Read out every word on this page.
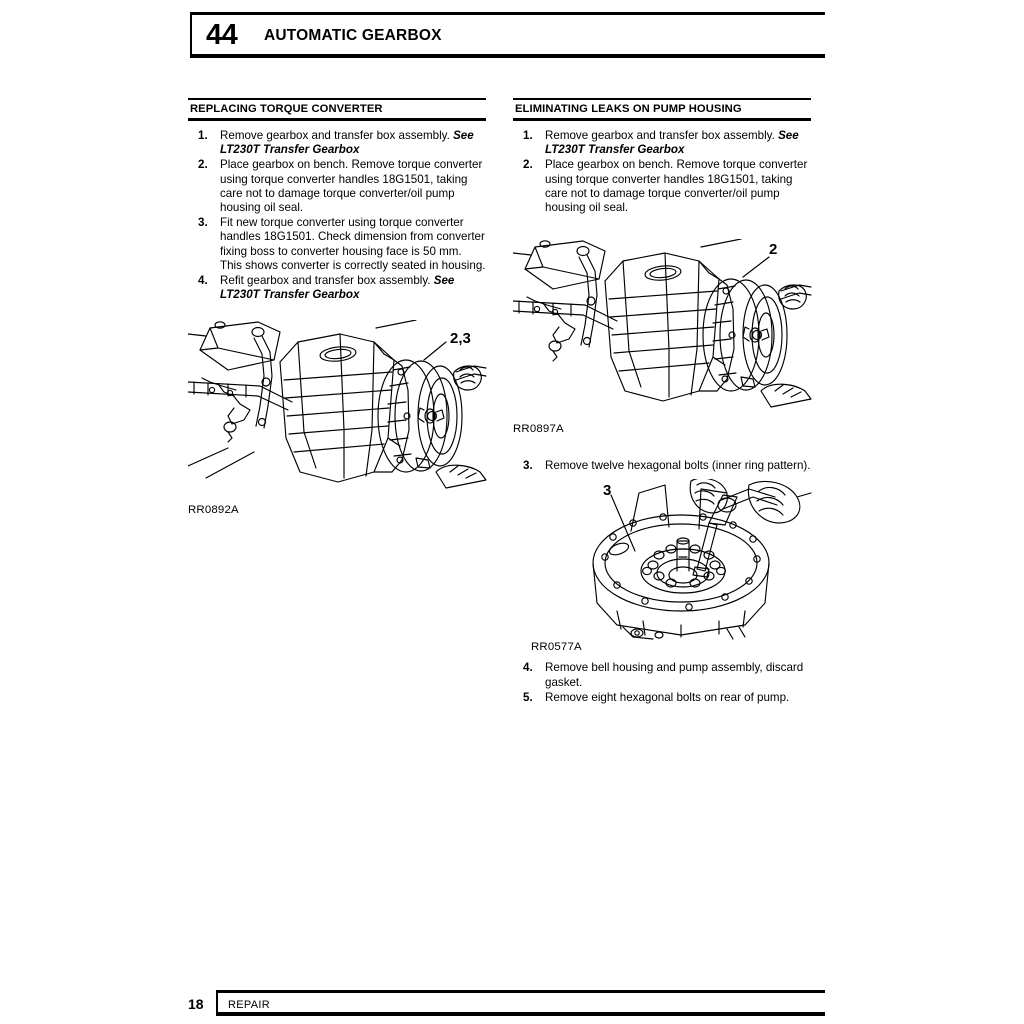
44 AUTOMATIC GEARBOX
REPLACING TORQUE CONVERTER
1. Remove gearbox and transfer box assembly. See LT230T Transfer Gearbox
2. Place gearbox on bench. Remove torque converter using torque converter handles 18G1501, taking care not to damage torque converter/oil pump housing oil seal.
3. Fit new torque converter using torque converter handles 18G1501. Check dimension from converter fixing boss to converter housing face is 50 mm. This shows converter is correctly seated in housing.
4. Refit gearbox and transfer box assembly. See LT230T Transfer Gearbox
2,3
RR0892A
ELIMINATING LEAKS ON PUMP HOUSING
1. Remove gearbox and transfer box assembly. See LT230T Transfer Gearbox
2. Place gearbox on bench. Remove torque converter using torque converter handles 18G1501, taking care not to damage torque converter/oil pump housing oil seal.
2
RR0897A
3. Remove twelve hexagonal bolts (inner ring pattern).
3
RR0577A
4. Remove bell housing and pump assembly, discard gasket.
5. Remove eight hexagonal bolts on rear of pump.
18 REPAIR
